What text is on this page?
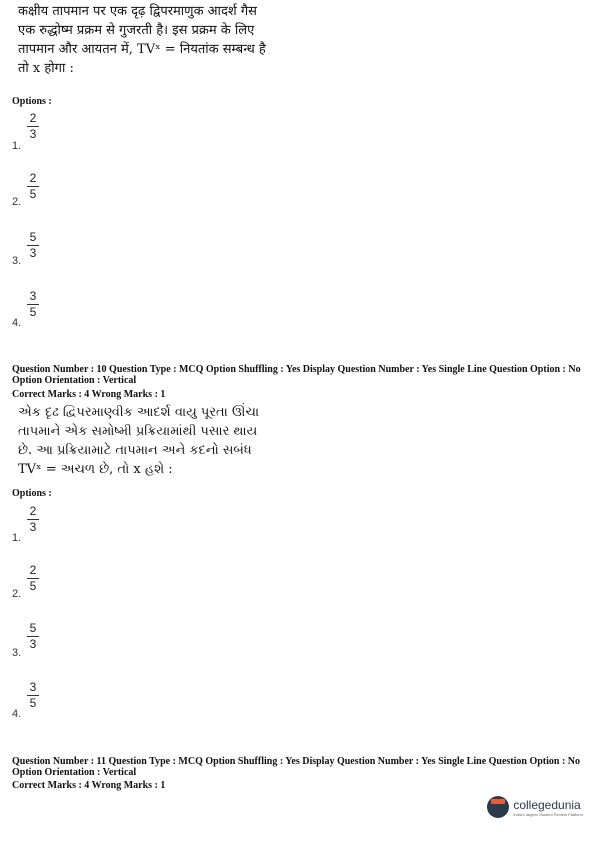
कक्षीय तापमान पर एक दृढ़ द्विपरमाणुक आदर्श गैस एक रुद्धोष्म प्रक्रम से गुजरती है। इस प्रक्रम के लिए तापमान और आयतन में, TVˣ = नियतांक सम्बन्ध है तो x होगा :
Options :
2
3
1.
2
5
2.
5
3
3.
3
5
4.
Question Number : 10 Question Type : MCQ Option Shuffling : Yes Display Question Number : Yes Single Line Question Option : No Option Orientation : Vertical
Correct Marks : 4 Wrong Marks : 1
એક દૃઢ દ્વિપરમાણ્વીક આદર્શ વાયુ પૂરતા ઊંચા તાપમાને એક સમોષ્મી પ્રક્રિયામાંથી પસાર થાય છે. આ પ્રક્રિયામાટે તાપમાન અને કદનો સબંધ TVˣ = અચળ છે, તો x હશે :
Options :
2
3
1.
2
5
2.
5
3
3.
3
5
4.
Question Number : 11 Question Type : MCQ Option Shuffling : Yes Display Question Number : Yes Single Line Question Option : No Option Orientation : Vertical
Correct Marks : 4 Wrong Marks : 1
collegedunia
India's largest Student Review Platform
